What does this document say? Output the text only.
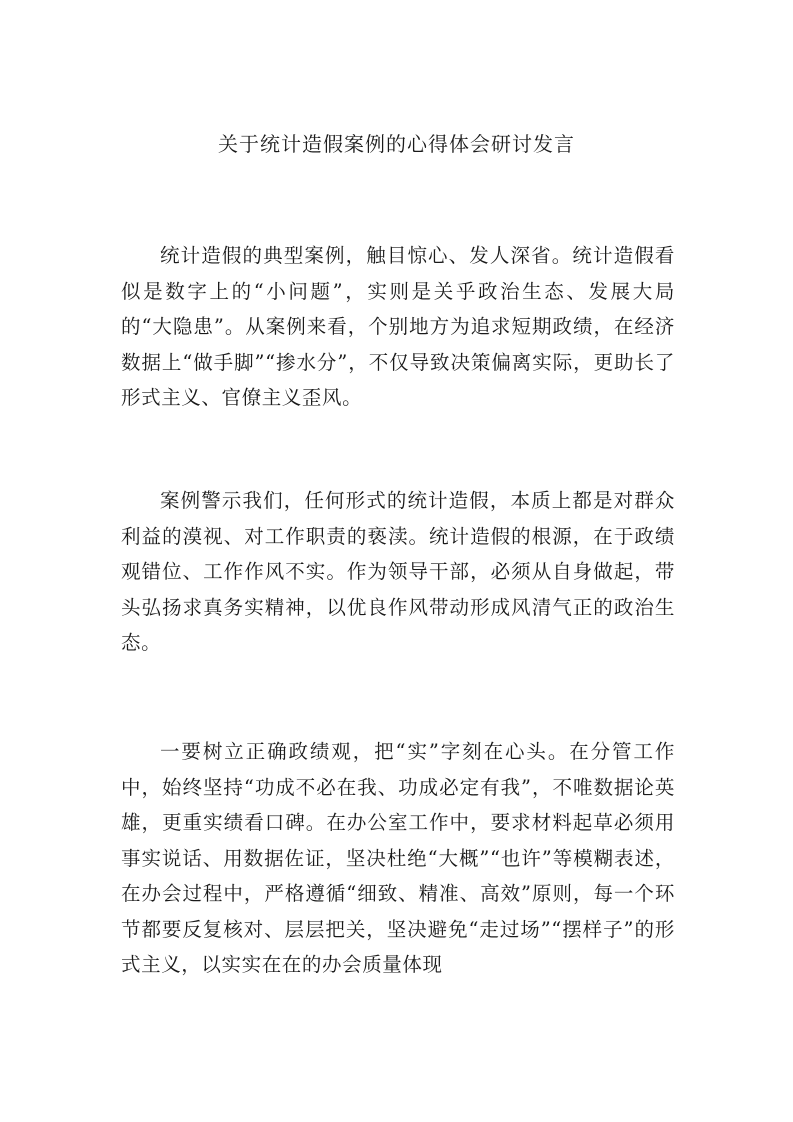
关于统计造假案例的心得体会研讨发言

统计造假的典型案例，触目惊心、发人深省。统计造假看似是数字上的“小问题”，实则是关乎政治生态、发展大局的“大隐患”。从案例来看，个别地方为追求短期政绩，在经济数据上“做手脚”“掺水分”，不仅导致决策偏离实际，更助长了形式主义、官僚主义歪风。

案例警示我们，任何形式的统计造假，本质上都是对群众利益的漠视、对工作职责的亵渎。统计造假的根源，在于政绩观错位、工作作风不实。作为领导干部，必须从自身做起，带头弘扬求真务实精神，以优良作风带动形成风清气正的政治生态。

一要树立正确政绩观，把“实”字刻在心头。在分管工作中，始终坚持“功成不必在我、功成必定有我”，不唯数据论英雄，更重实绩看口碑。在办公室工作中，要求材料起草必须用事实说话、用数据佐证，坚决杜绝“大概”“也许”等模糊表述，在办会过程中，严格遵循“细致、精准、高效”原则，每一个环节都要反复核对、层层把关，坚决避免“走过场”“摆样子”的形式主义，以实实在在的办会质量体现
